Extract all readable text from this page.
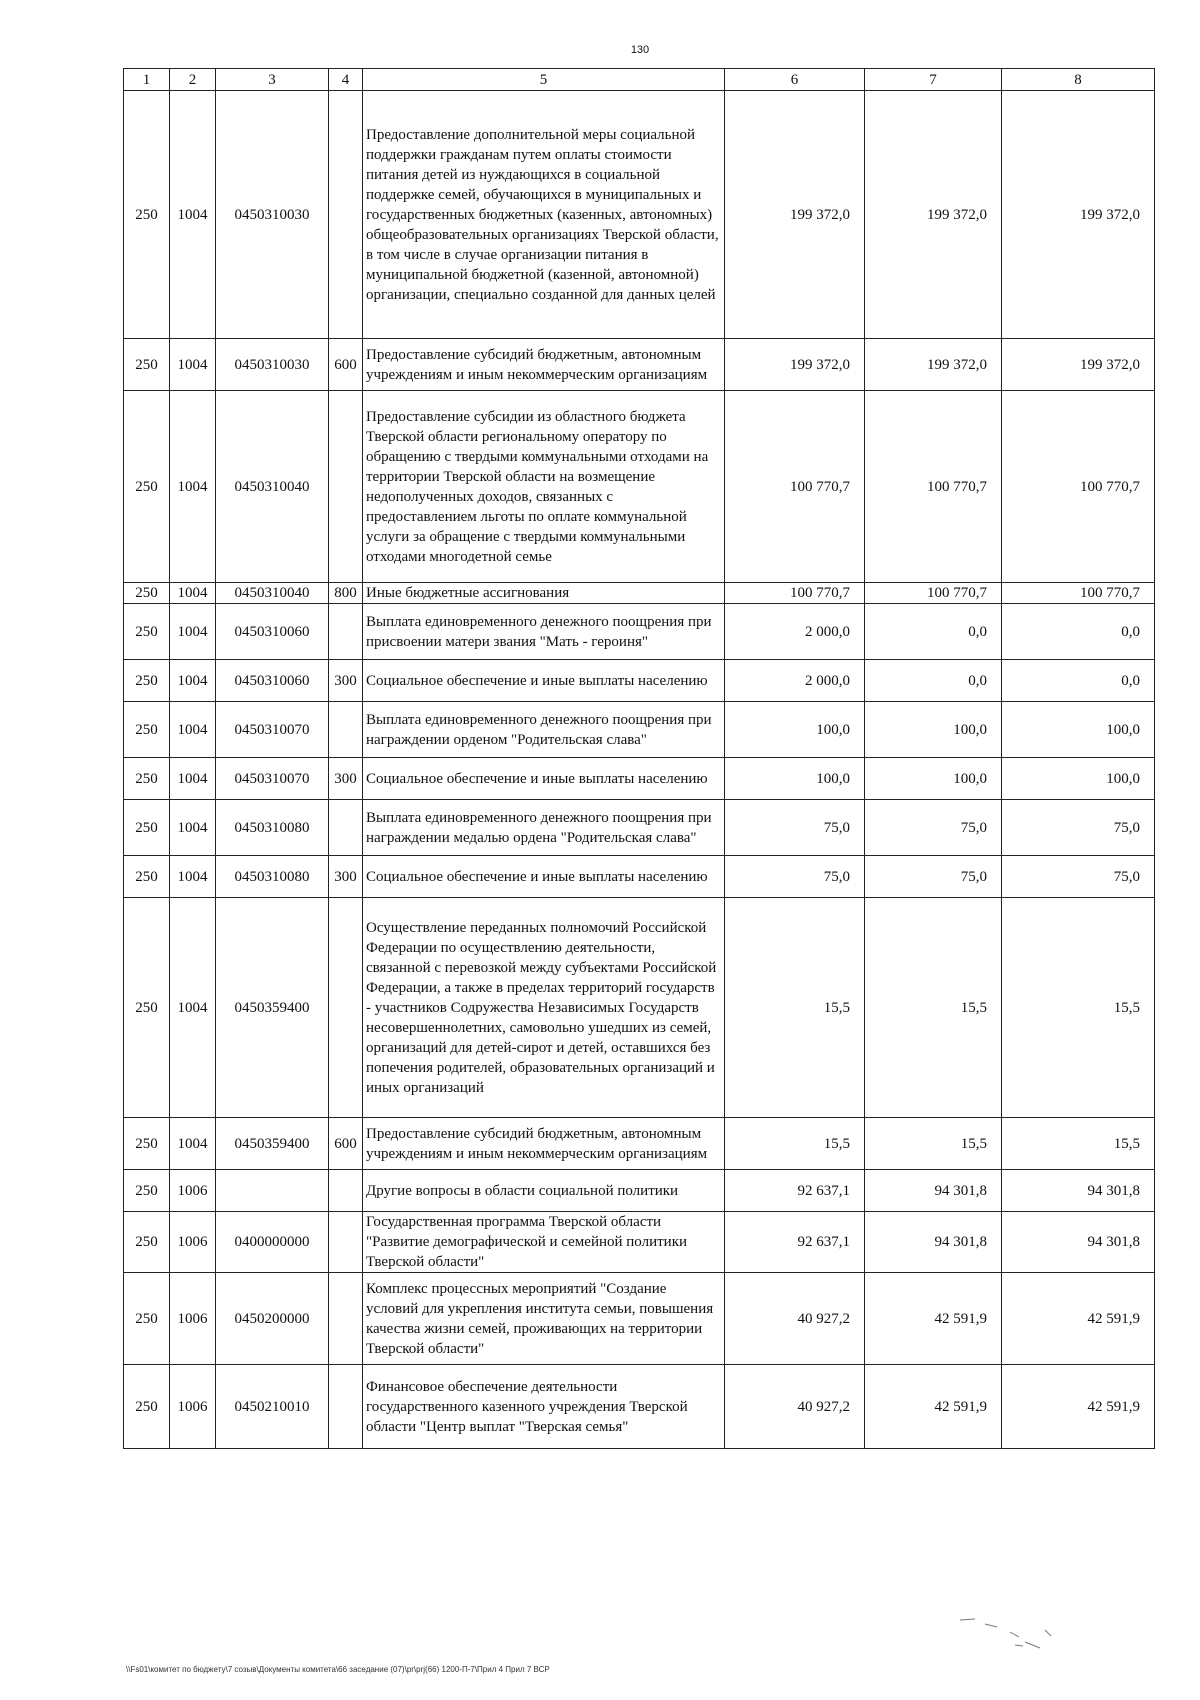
130
1	2	3	4	5	6	7	8
250	1004	0450310030		Предоставление дополнительной меры социальной поддержки гражданам путем оплаты стоимости питания детей из нуждающихся в социальной поддержке семей, обучающихся в муниципальных и государственных бюджетных (казенных, автономных) общеобразовательных организациях Тверской области, в том числе в случае организации питания в муниципальной бюджетной (казенной, автономной) организации, специально созданной для данных целей	199 372,0	199 372,0	199 372,0
250	1004	0450310030	600	Предоставление субсидий бюджетным, автономным учреждениям и иным некоммерческим организациям	199 372,0	199 372,0	199 372,0
250	1004	0450310040		Предоставление субсидии из областного бюджета Тверской области региональному оператору по обращению с твердыми коммунальными отходами на территории Тверской области на возмещение недополученных доходов, связанных с предоставлением льготы по оплате коммунальной услуги за обращение с твердыми коммунальными отходами многодетной семье	100 770,7	100 770,7	100 770,7
250	1004	0450310040	800	Иные бюджетные ассигнования	100 770,7	100 770,7	100 770,7
250	1004	0450310060		Выплата единовременного денежного поощрения при присвоении матери звания "Мать - героиня"	2 000,0	0,0	0,0
250	1004	0450310060	300	Социальное обеспечение и иные выплаты населению	2 000,0	0,0	0,0
250	1004	0450310070		Выплата единовременного денежного поощрения при награждении орденом "Родительская слава"	100,0	100,0	100,0
250	1004	0450310070	300	Социальное обеспечение и иные выплаты населению	100,0	100,0	100,0
250	1004	0450310080		Выплата единовременного денежного поощрения при награждении медалью ордена "Родительская слава"	75,0	75,0	75,0
250	1004	0450310080	300	Социальное обеспечение и иные выплаты населению	75,0	75,0	75,0
250	1004	0450359400		Осуществление переданных полномочий Российской Федерации по осуществлению деятельности, связанной с перевозкой между субъектами Российской Федерации, а также в пределах территорий государств - участников Содружества Независимых Государств несовершеннолетних, самовольно ушедших из семей, организаций для детей-сирот и детей, оставшихся без попечения родителей, образовательных организаций и иных организаций	15,5	15,5	15,5
250	1004	0450359400	600	Предоставление субсидий бюджетным, автономным учреждениям и иным некоммерческим организациям	15,5	15,5	15,5
250	1006			Другие вопросы в области социальной политики	92 637,1	94 301,8	94 301,8
250	1006	0400000000		Государственная программа Тверской области "Развитие демографической и семейной политики Тверской области"	92 637,1	94 301,8	94 301,8
250	1006	0450200000		Комплекс процессных мероприятий "Создание условий для укрепления института семьи, повышения качества жизни семей, проживающих на территории Тверской области"	40 927,2	42 591,9	42 591,9
250	1006	0450210010		Финансовое обеспечение деятельности государственного казенного учреждения Тверской области "Центр выплат "Тверская семья"	40 927,2	42 591,9	42 591,9
\\Fs01\комитет по бюджету\7 созыв\Документы комитета\66 заседание (07)\pr\prj(66) 1200-П-7\Прил 4 Прил 7 ВСР
